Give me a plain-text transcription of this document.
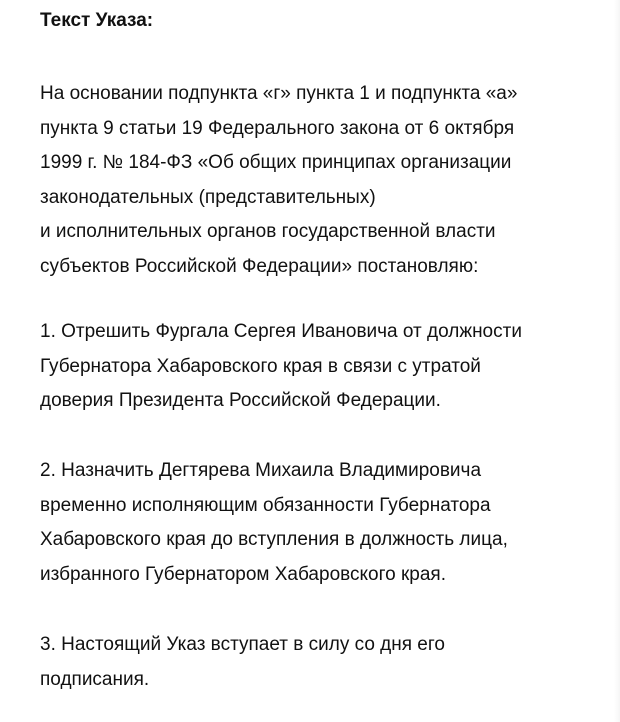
Текст Указа:
На основании подпункта «г» пункта 1 и подпункта «а»
пункта 9 статьи 19 Федерального закона от 6 октября
1999 г. № 184-ФЗ «Об общих принципах организации
законодательных (представительных)
и исполнительных органов государственной власти
субъектов Российской Федерации» постановляю:
1. Отрешить Фургала Сергея Ивановича от должности
Губернатора Хабаровского края в связи с утратой
доверия Президента Российской Федерации.
2. Назначить Дегтярева Михаила Владимировича
временно исполняющим обязанности Губернатора
Хабаровского края до вступления в должность лица,
избранного Губернатором Хабаровского края.
3. Настоящий Указ вступает в силу со дня его
подписания.
